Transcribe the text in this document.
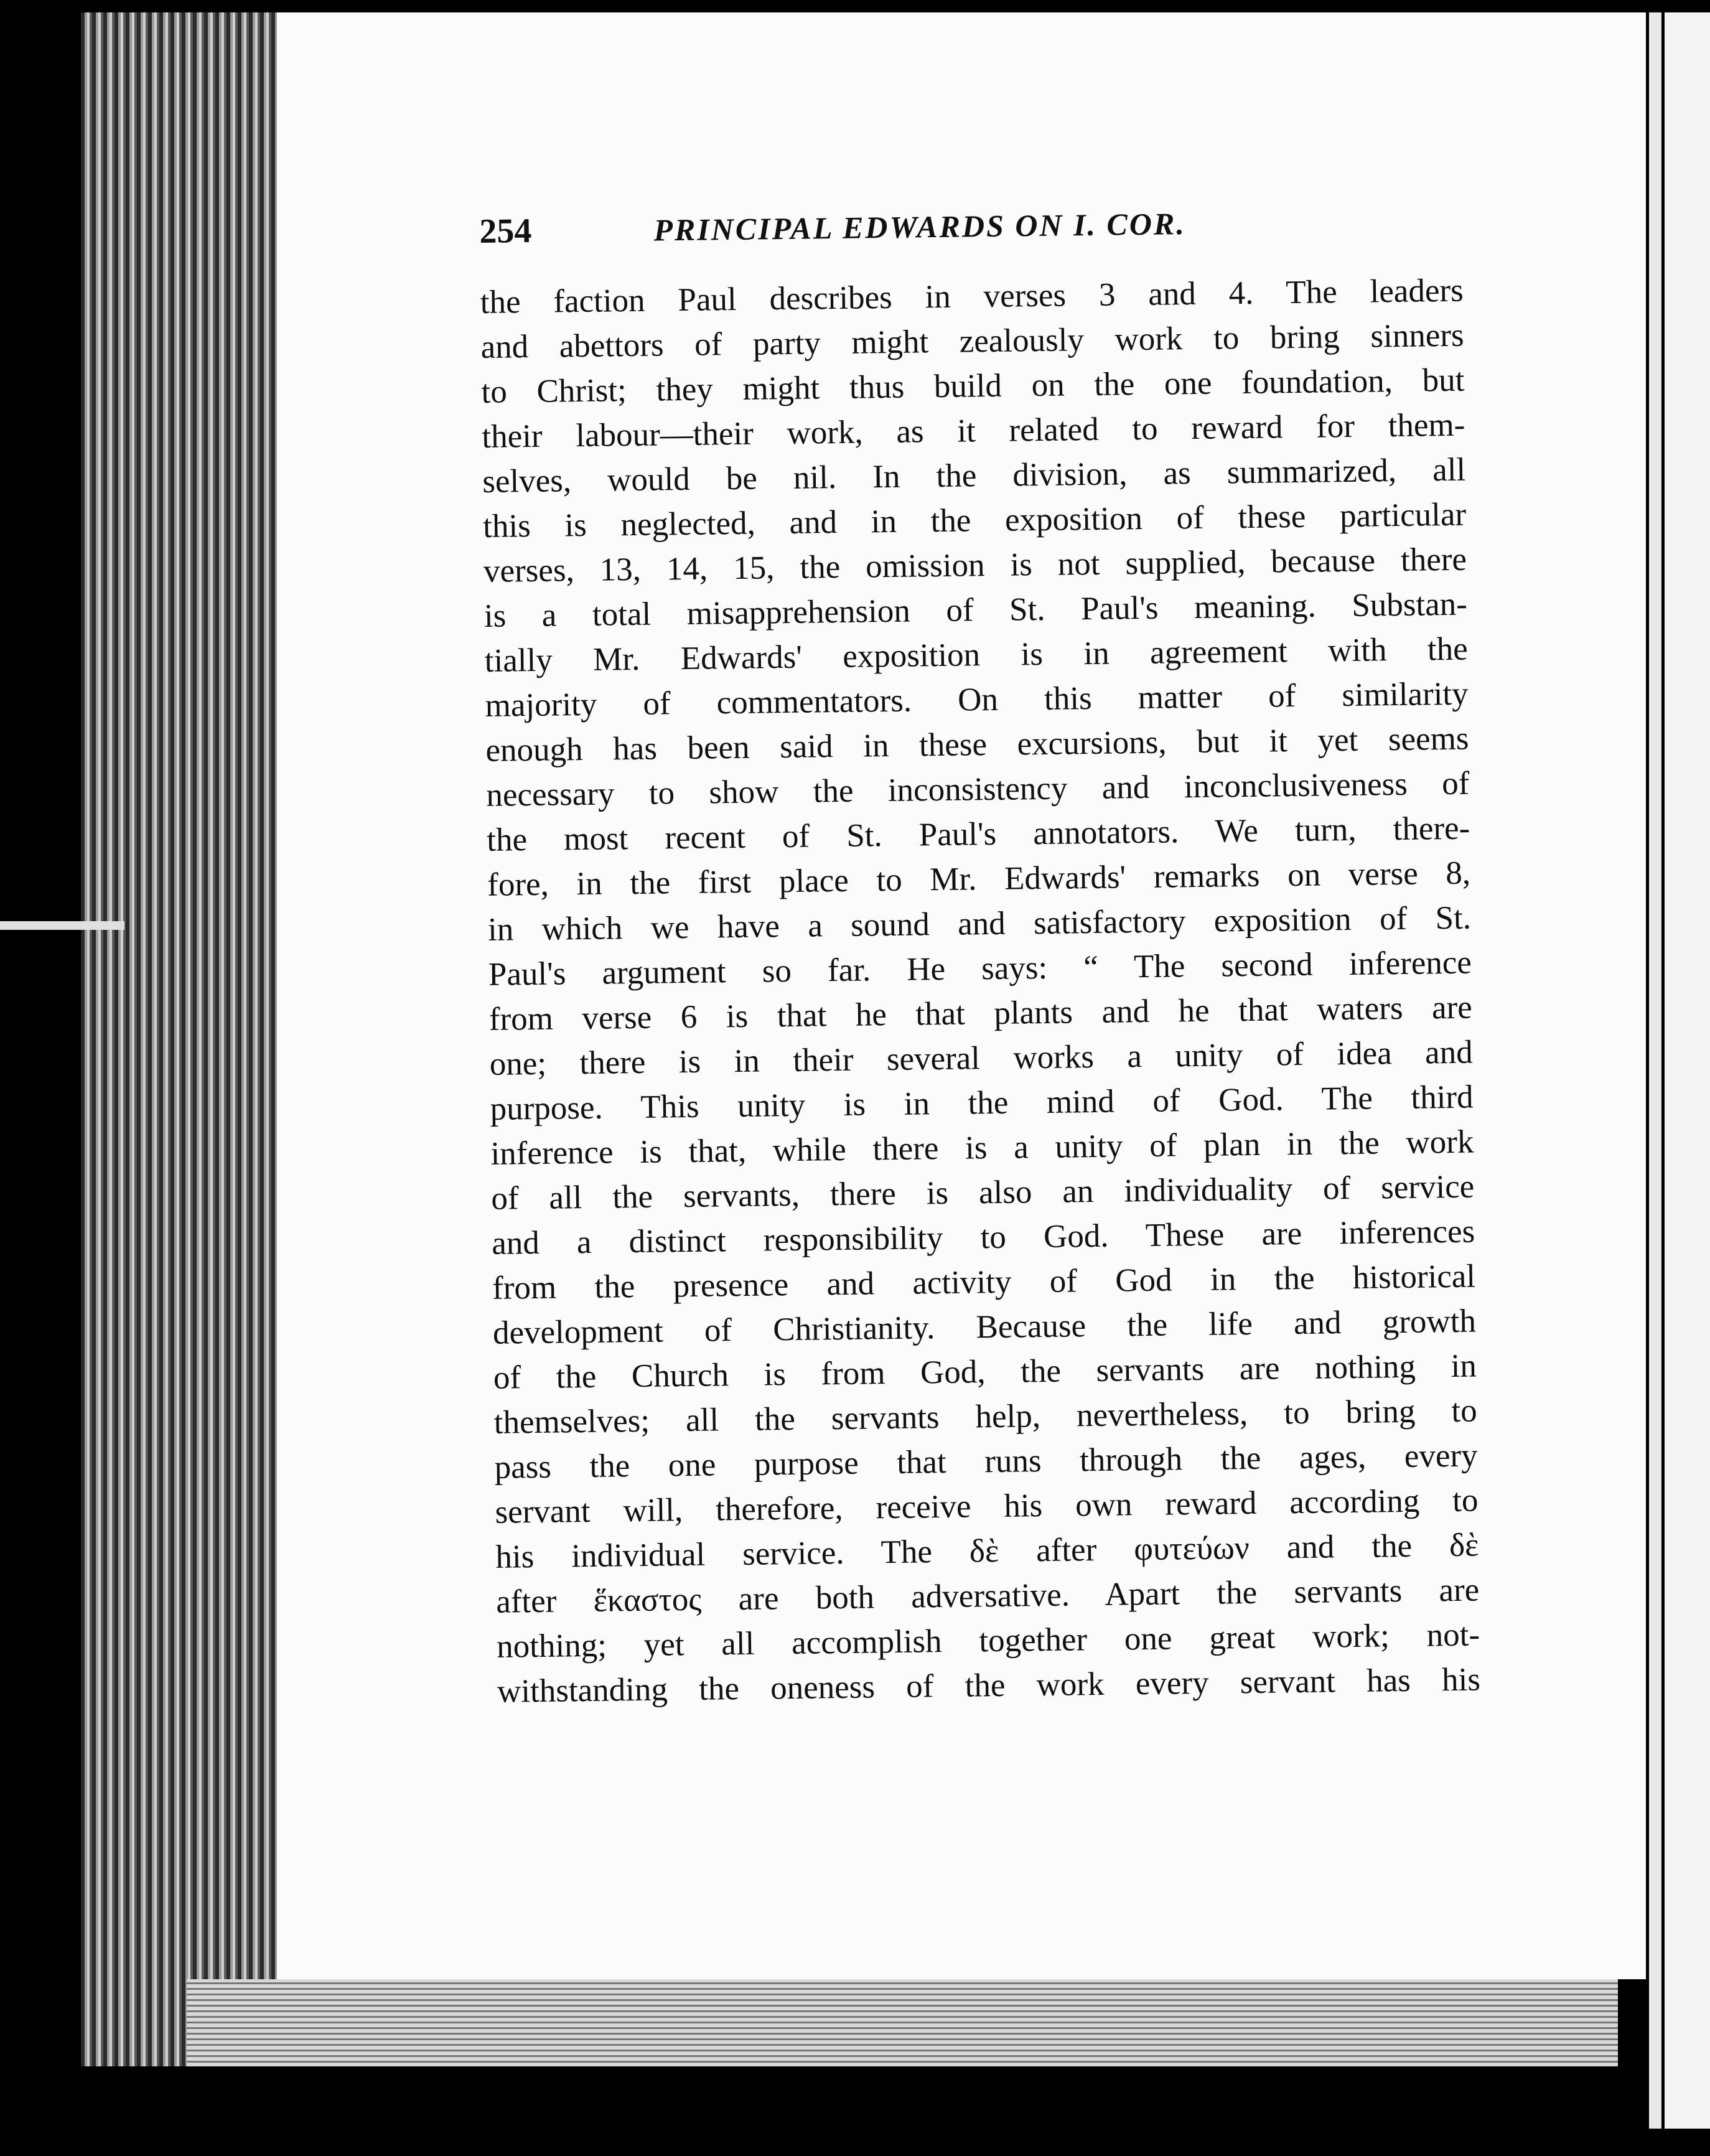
254	PRINCIPAL EDWARDS ON I. COR.
the faction Paul describes in verses 3 and 4. The leaders
and abettors of party might zealously work to bring sinners
to Christ; they might thus build on the one foundation, but
their labour—their work, as it related to reward for them-
selves, would be nil. In the division, as summarized, all
this is neglected, and in the exposition of these particular
verses, 13, 14, 15, the omission is not supplied, because there
is a total misapprehension of St. Paul's meaning. Substan-
tially Mr. Edwards' exposition is in agreement with the
majority of commentators. On this matter of similarity
enough has been said in these excursions, but it yet seems
necessary to show the inconsistency and inconclusiveness of
the most recent of St. Paul's annotators. We turn, there-
fore, in the first place to Mr. Edwards' remarks on verse 8,
in which we have a sound and satisfactory exposition of St.
Paul's argument so far. He says: “ The second inference
from verse 6 is that he that plants and he that waters are
one; there is in their several works a unity of idea and
purpose. This unity is in the mind of God. The third
inference is that, while there is a unity of plan in the work
of all the servants, there is also an individuality of service
and a distinct responsibility to God. These are inferences
from the presence and activity of God in the historical
development of Christianity. Because the life and growth
of the Church is from God, the servants are nothing in
themselves; all the servants help, nevertheless, to bring to
pass the one purpose that runs through the ages, every
servant will, therefore, receive his own reward according to
his individual service. The δὲ after φυτεύων and the δὲ
after ἕκαστος are both adversative. Apart the servants are
nothing; yet all accomplish together one great work; not-
withstanding the oneness of the work every servant has his
